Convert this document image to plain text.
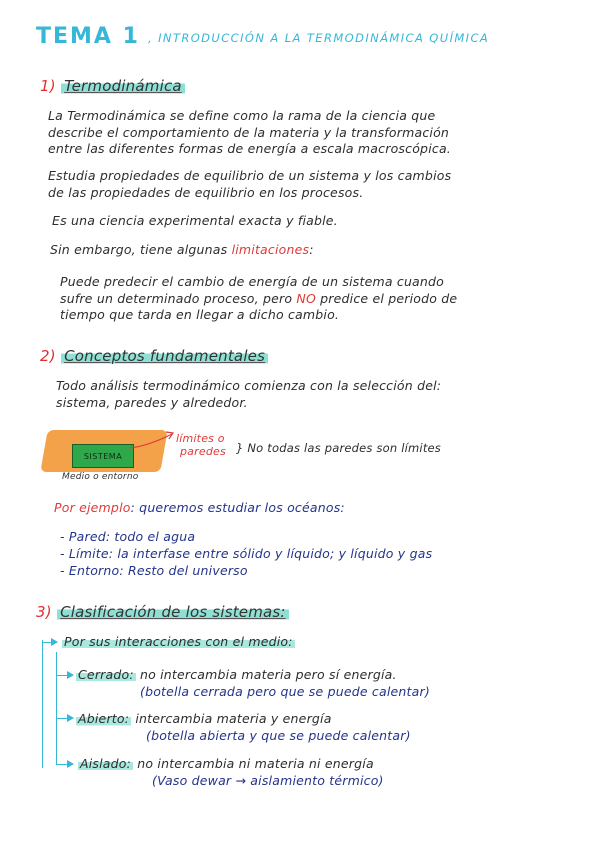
TEMA 1 , INTRODUCCIÓN A LA TERMODINÁMICA QUÍMICA
1) Termodinámica
La Termodinámica se define como la rama de la ciencia que
describe el comportamiento de la materia y la transformación
entre las diferentes formas de energía a escala macroscópica.
Estudia propiedades de equilibrio de un sistema y los cambios
de las propiedades de equilibrio en los procesos.
Es una ciencia experimental exacta y fiable.
Sin embargo, tiene algunas limitaciones:
Puede predecir el cambio de energía de un sistema cuando
sufre un determinado proceso, pero NO predice el periodo de
tiempo que tarda en llegar a dicho cambio.
2) Conceptos fundamentales
Todo análisis termodinámico comienza con la selección del:
sistema, paredes y alrededor.
SISTEMA
Medio o entorno
límites o
paredes } No todas las paredes son límites
Por ejemplo: queremos estudiar los océanos:
- Pared: todo el agua
- Límite: la interfase entre sólido y líquido; y líquido y gas
- Entorno: Resto del universo
3) Clasificación de los sistemas:
Por sus interacciones con el medio:
Cerrado: no intercambia materia pero sí energía.
(botella cerrada pero que se puede calentar)
Abierto: intercambia materia y energía
(botella abierta y que se puede calentar)
Aislado: no intercambia ni materia ni energía
(Vaso dewar → aislamiento térmico)
